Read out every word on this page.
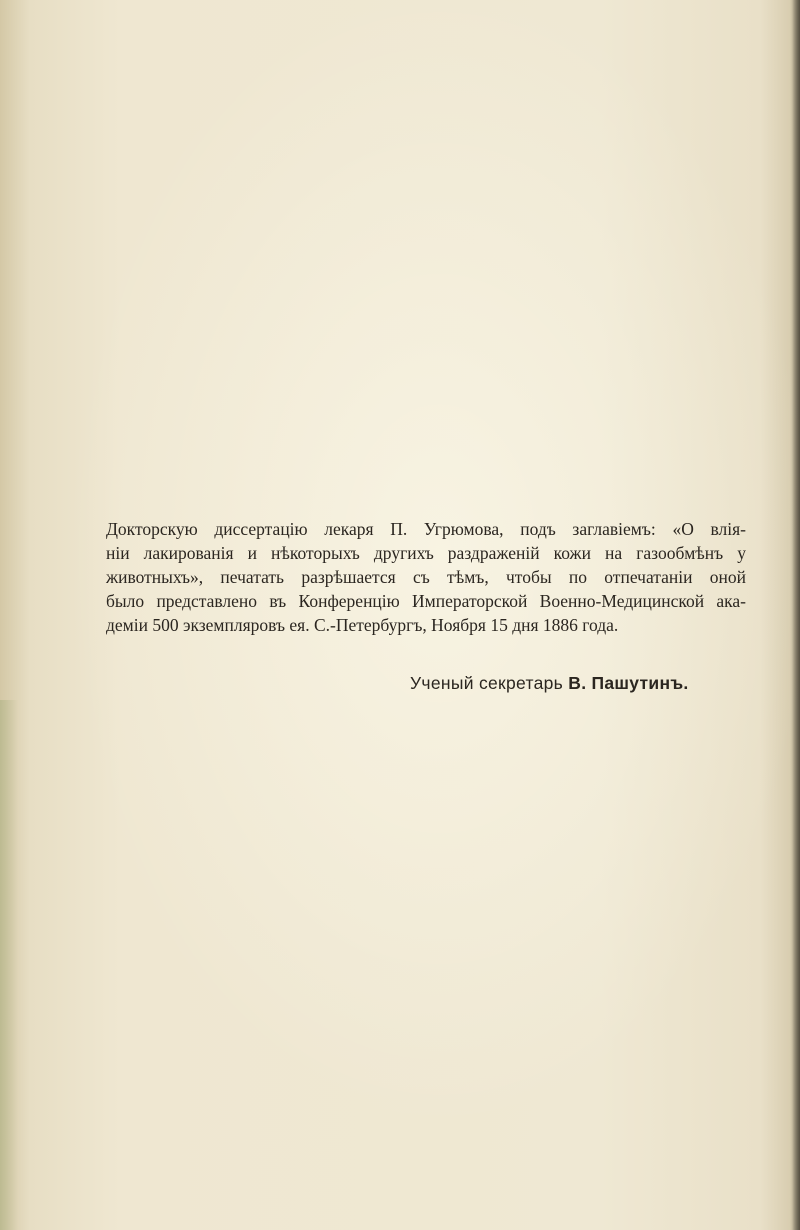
Докторскую диссертацію лекаря П. Угрюмова, подъ заглавіемъ: «О влія-
ніи лакированія и нѣкоторыхъ другихъ раздраженій кожи на газообмѣнъ у
животныхъ», печатать разрѣшается съ тѣмъ, чтобы по отпечатаніи оной
было представлено въ Конференцію Императорской Военно-Медицинской ака-
деміи 500 экземпляровъ ея. С.-Петербургъ, Ноября 15 дня 1886 года.
Ученый секретарь В. Пашутинъ.
